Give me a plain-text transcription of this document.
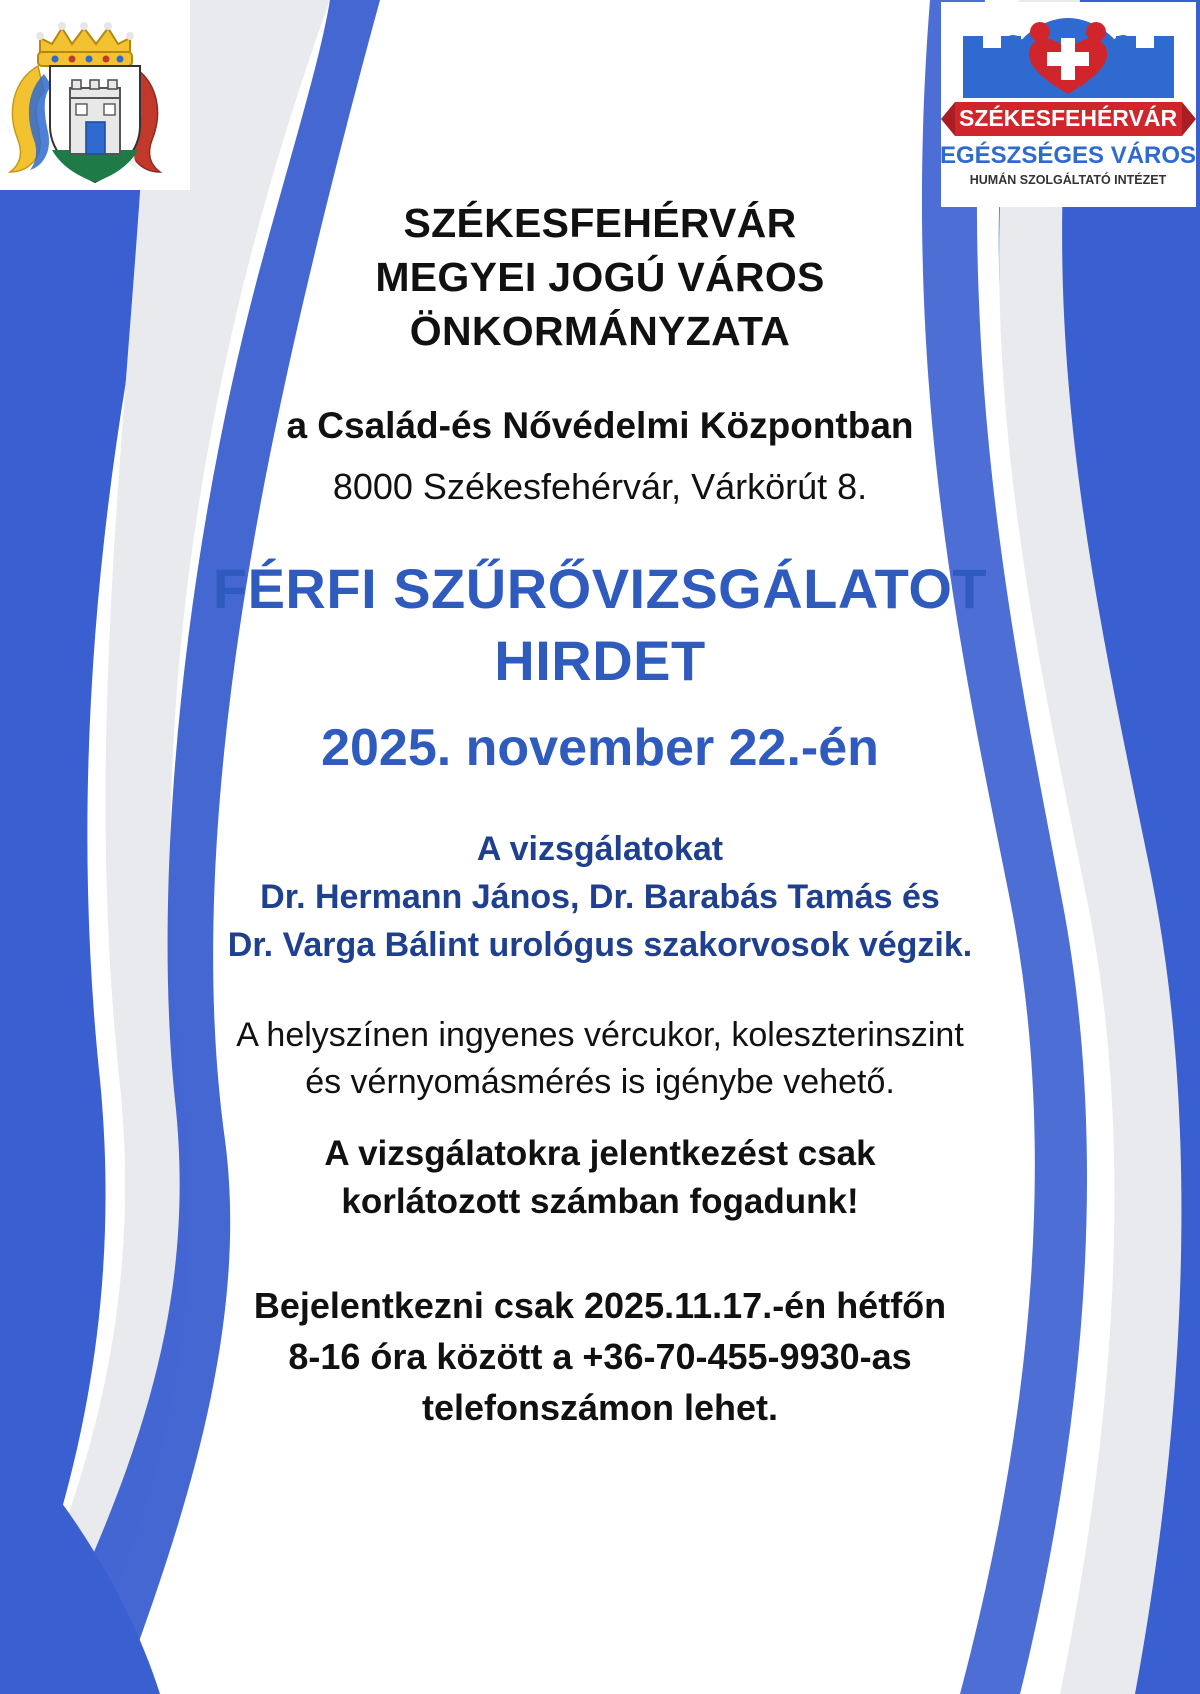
SZÉKESFEHÉRVÁR
EGÉSZSÉGES VÁROS
HUMÁN SZOLGÁLTATÓ INTÉZET
SZÉKESFEHÉRVÁR
MEGYEI JOGÚ VÁROS
ÖNKORMÁNYZATA
a Család-és Nővédelmi Központban
8000 Székesfehérvár, Várkörút 8.
FÉRFI SZŰRŐVIZSGÁLATOT
HIRDET
2025. november 22.-én
A vizsgálatokat
Dr. Hermann János, Dr. Barabás Tamás és
Dr. Varga Bálint urológus szakorvosok végzik.
A helyszínen ingyenes vércukor, koleszterinszint
és vérnyomásmérés is igénybe vehető.
A vizsgálatokra jelentkezést csak
korlátozott számban fogadunk!
Bejelentkezni csak 2025.11.17.-én hétfőn
8-16 óra között a +36-70-455-9930-as
telefonszámon lehet.
